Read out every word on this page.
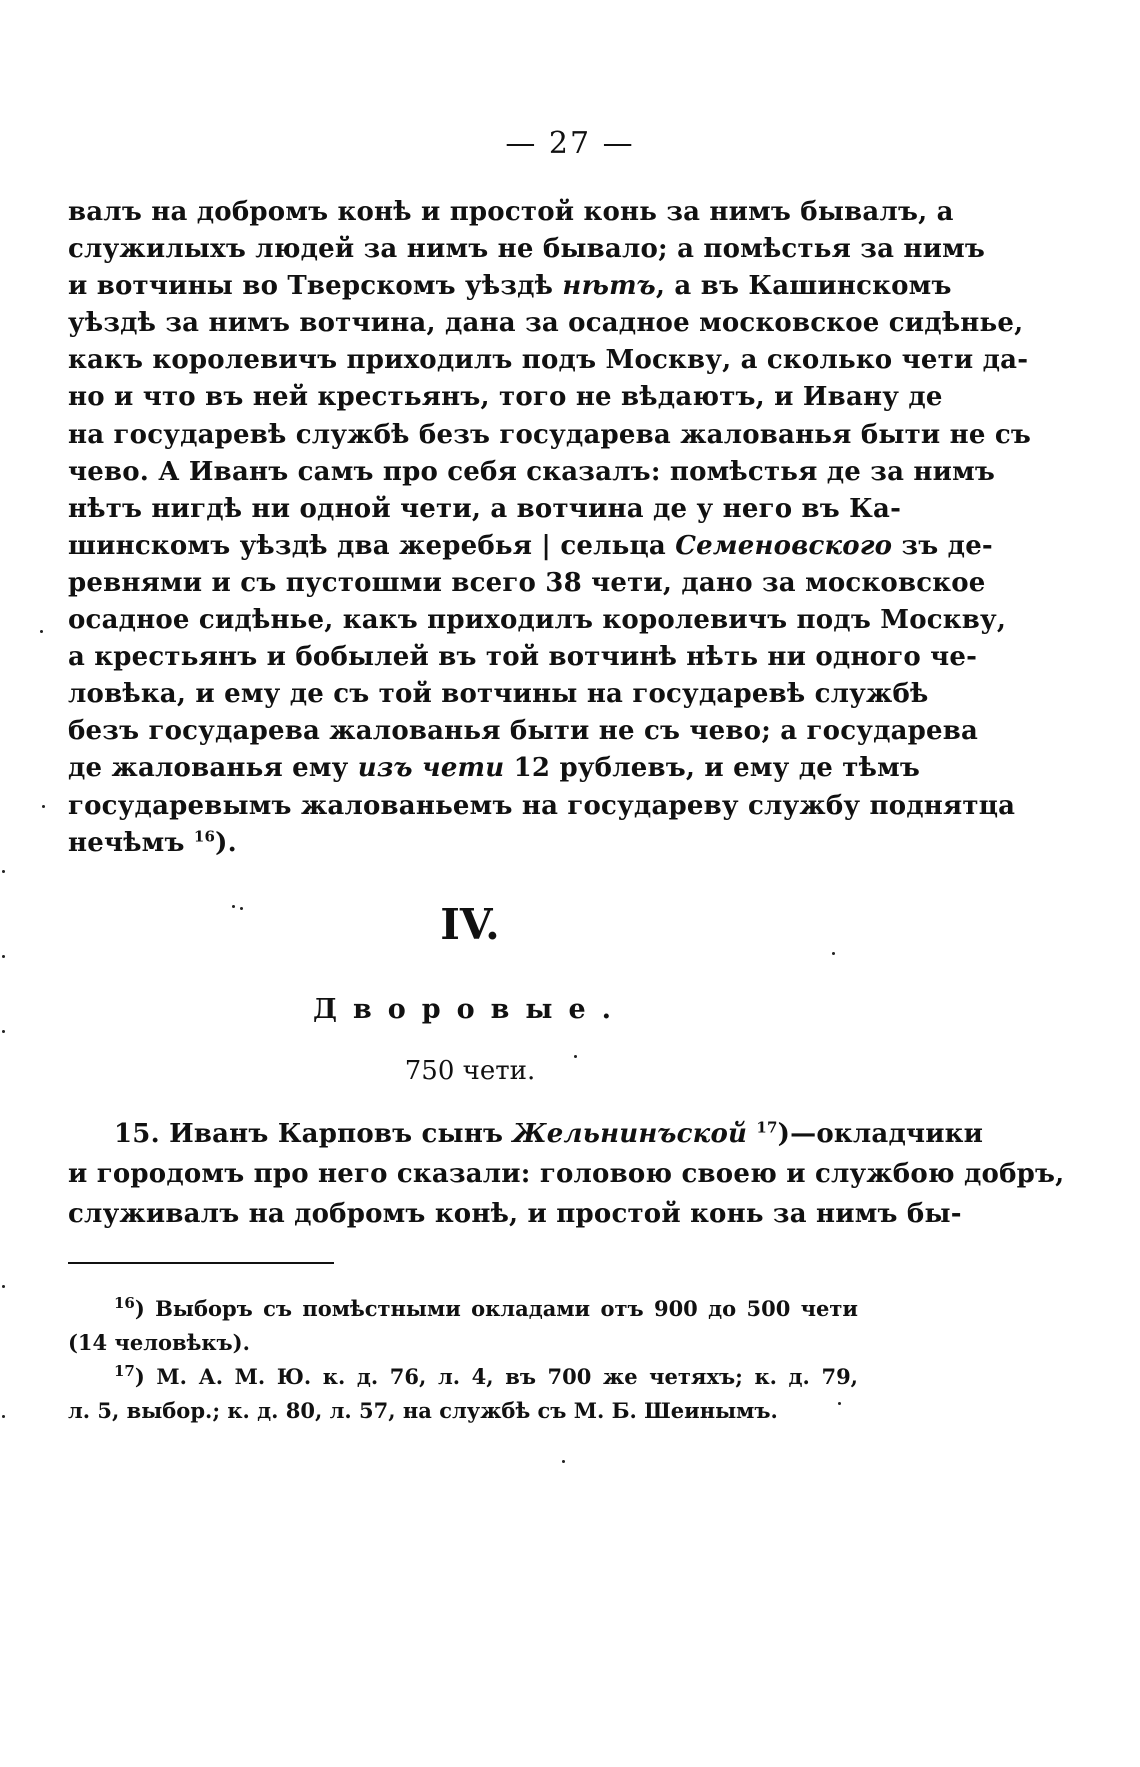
— 27 —
валъ на добромъ конѣ и простой конь за нимъ бывалъ, а
служилыхъ людей за нимъ не бывало; а помѣстья за нимъ
и вотчины во Тверскомъ уѣздѣ нѣтъ, а въ Кашинскомъ
уѣздѣ за нимъ вотчина, дана за осадное московское сидѣнье,
какъ королевичъ приходилъ подъ Москву, а сколько чети да-
но и что въ ней крестьянъ, того не вѣдаютъ, и Ивану де
на государевѣ службѣ безъ государева жалованья быти не съ
чево. А Иванъ самъ про себя сказалъ: помѣстья де за нимъ
нѣтъ нигдѣ ни одной чети, а вотчина де у него въ Ка-
шинскомъ уѣздѣ два жеребья | сельца Семеновского зъ де-
ревнями и съ пустошми всего 38 чети, дано за московское
осадное сидѣнье, какъ приходилъ королевичъ подъ Москву,
а крестьянъ и бобылей въ той вотчинѣ нѣть ни одного че-
ловѣка, и ему де съ той вотчины на государевѣ службѣ
безъ государева жалованья быти не съ чево; а государева
де жалованья ему изъ чети 12 рублевъ, и ему де тѣмъ
государевымъ жалованьемъ на государеву службу поднятца
нечѣмъ $^{16}$).
IV.
Дворовые.
750 чети.
15. Иванъ Карповъ сынъ Жельнинъской $^{17}$)—окладчики
и городомъ про него сказали: головою своею и службою добръ,
служивалъ на добромъ конѣ, и простой конь за нимъ бы-
$^{16}$) Выборъ съ помѣстными окладами отъ 900 до 500 чети
(14 человѣкъ).
$^{17}$) М. А. М. Ю. к. д. 76, л. 4, въ 700 же четяхъ; к. д. 79,
л. 5, выбор.; к. д. 80, л. 57, на службѣ съ М. Б. Шеинымъ.
